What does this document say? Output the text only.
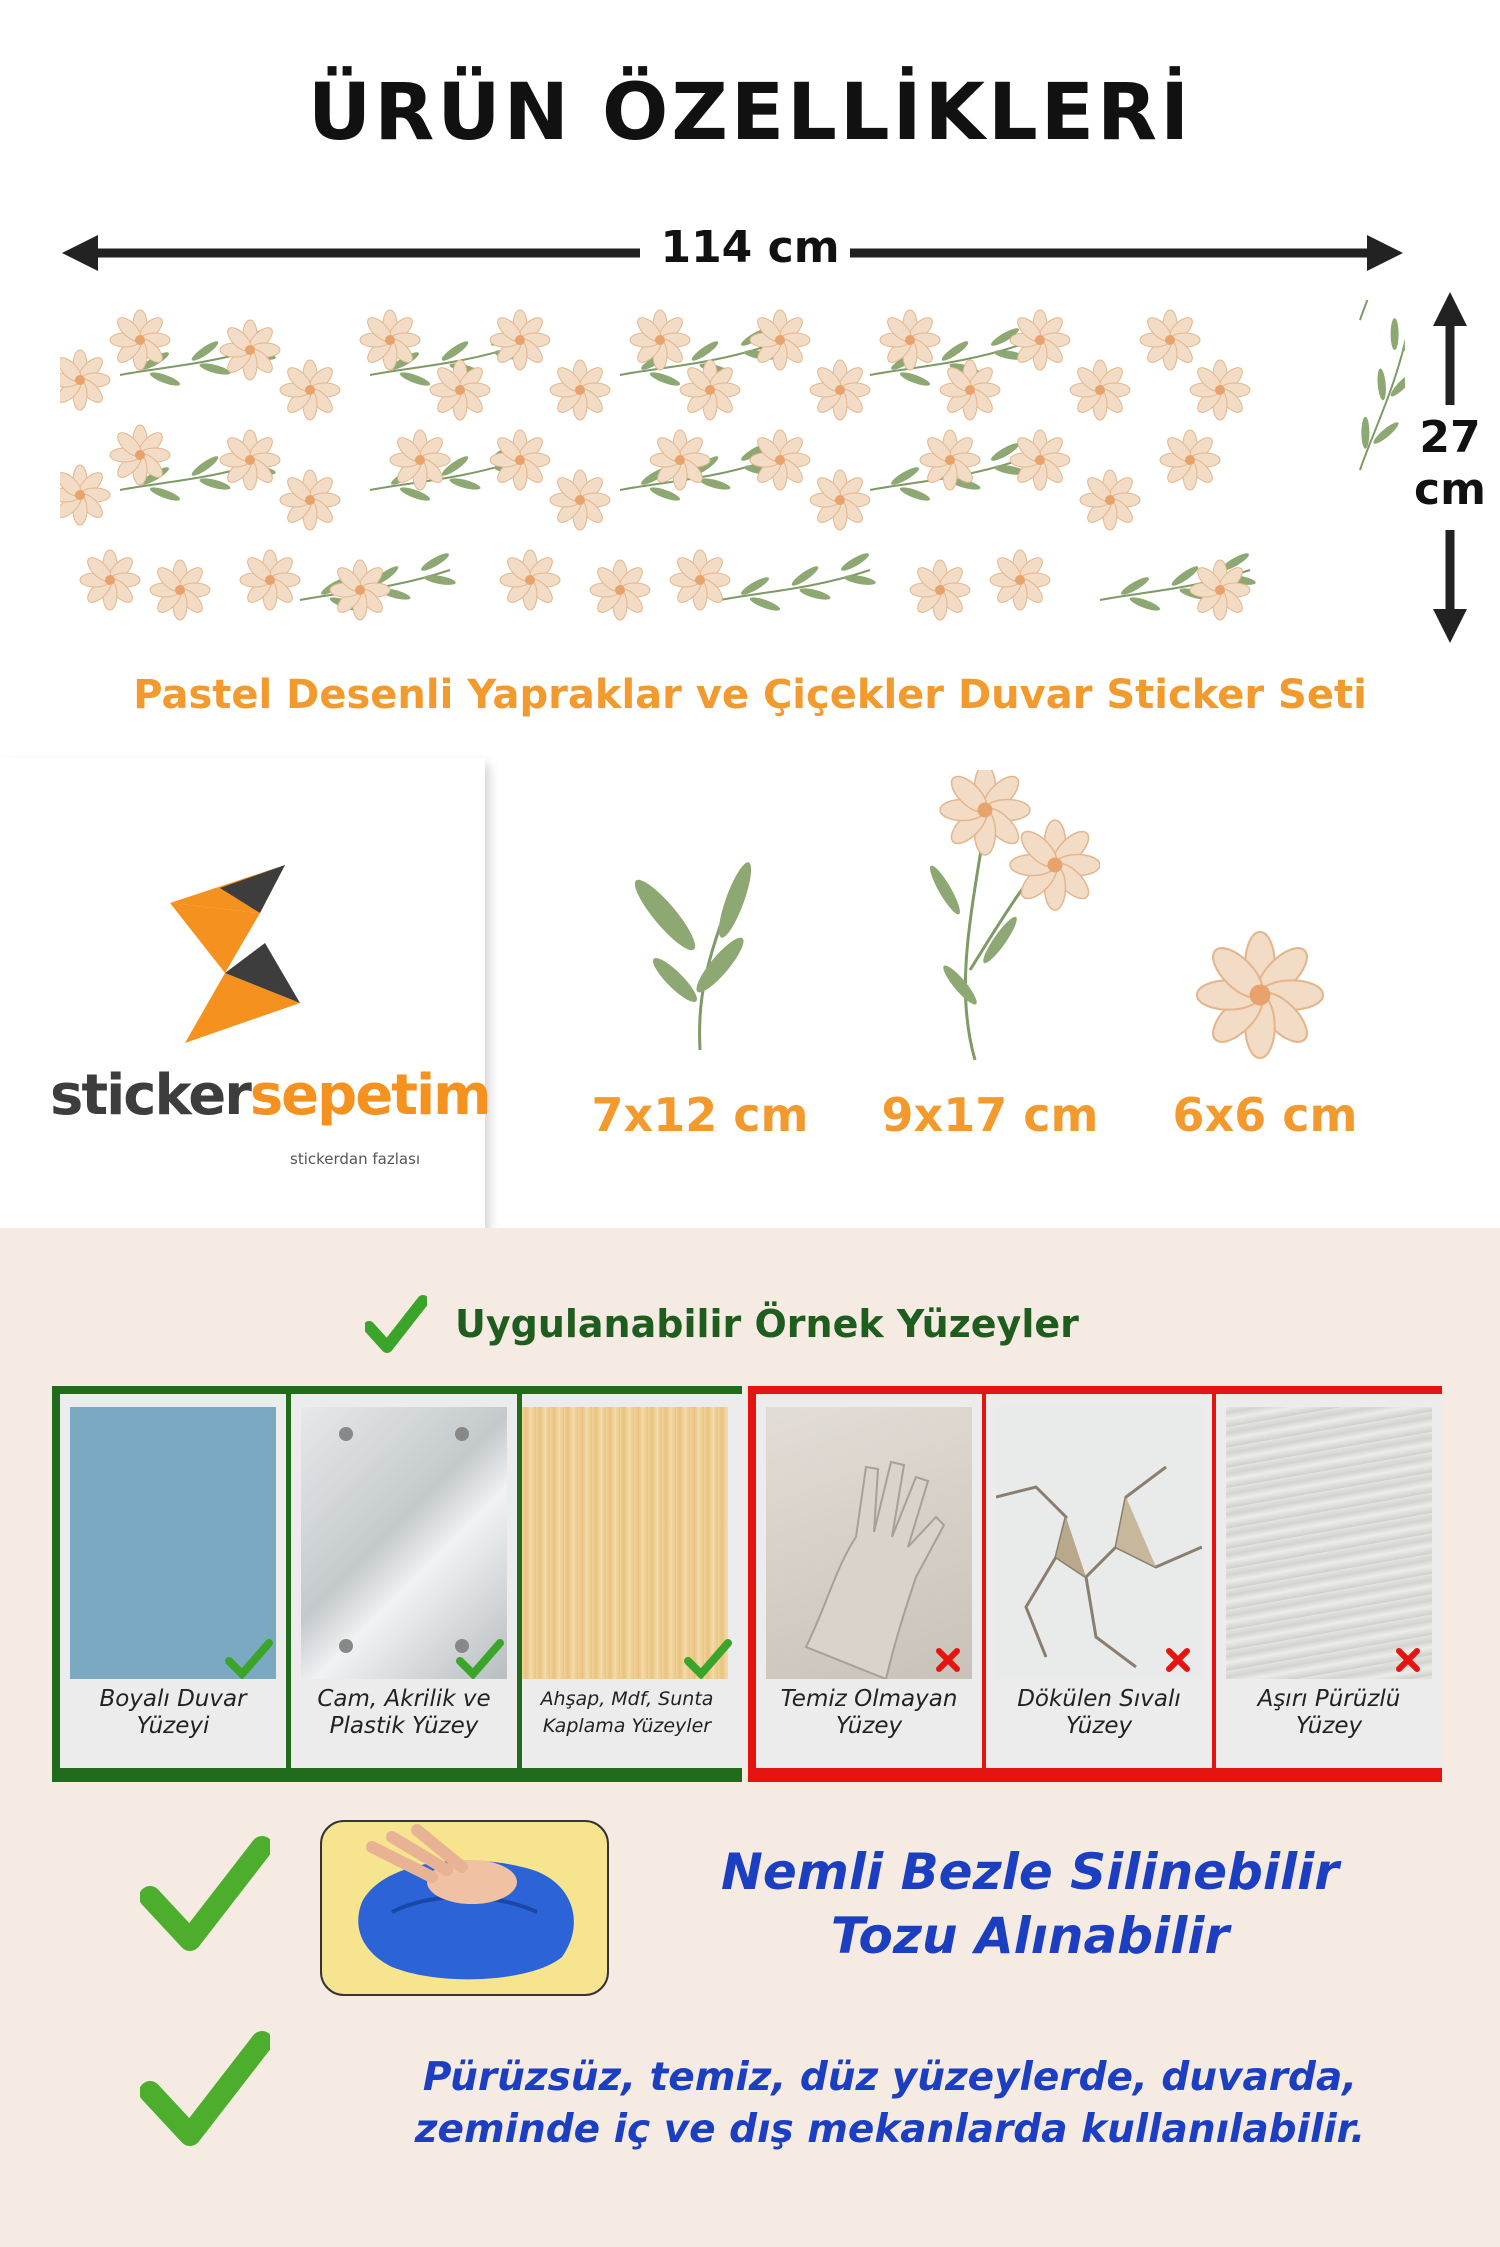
ÜRÜN ÖZELLİKLERİ
114 cm
27
cm
Pastel Desenli Yapraklar ve Çiçekler Duvar Sticker Seti
stickersepetim
stickerdan fazlası
7x12 cm	9x17 cm	6x6 cm
Uygulanabilir Örnek Yüzeyler
Boyalı Duvar
Yüzeyi
Cam, Akrilik ve
Plastik Yüzey
Ahşap, Mdf, Sunta
Kaplama Yüzeyler
Temiz Olmayan
Yüzey
Dökülen Sıvalı
Yüzey
Aşırı Pürüzlü
Yüzey
Nemli Bezle Silinebilir
Tozu Alınabilir
Pürüzsüz, temiz, düz yüzeylerde, duvarda,
zeminde iç ve dış mekanlarda kullanılabilir.
